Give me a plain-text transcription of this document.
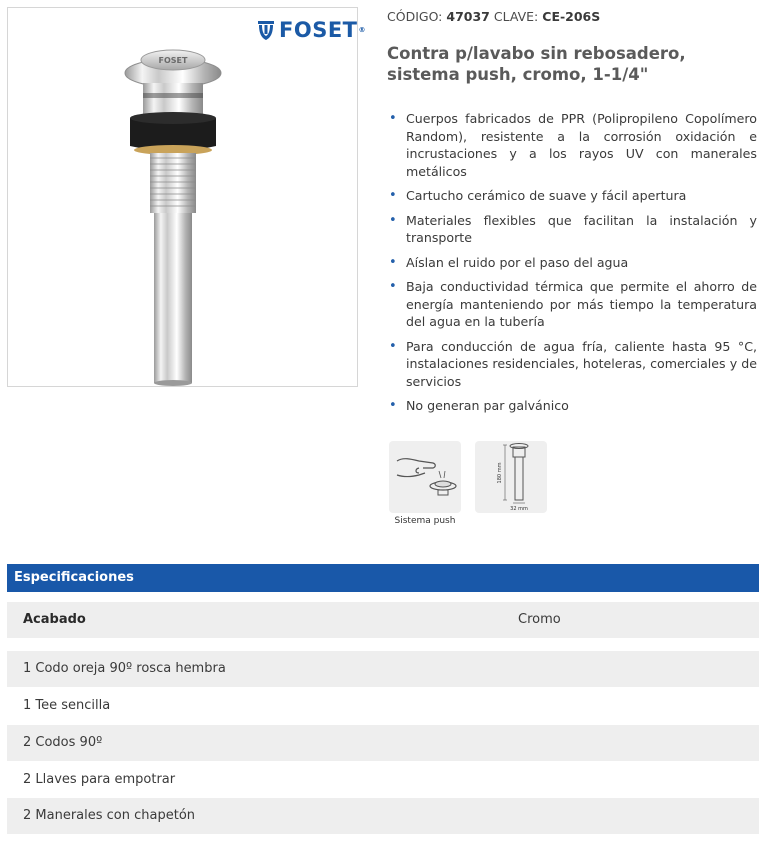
FOSET ®
FOSET
CÓDIGO: 47037 CLAVE: CE-206S
Contra p/lavabo sin rebosadero, sistema push, cromo, 1-1/4"
• Cuerpos fabricados de PPR (Polipropileno Copolímero Random), resistente a la corrosión oxidación e incrustaciones y a los rayos UV con manerales metálicos
• Cartucho cerámico de suave y fácil apertura
• Materiales flexibles que facilitan la instalación y transporte
• Aíslan el ruido por el paso del agua
• Baja conductividad térmica que permite el ahorro de energía manteniendo por más tiempo la temperatura del agua en la tubería
• Para conducción de agua fría, caliente hasta 95 °C, instalaciones residenciales, hoteleras, comerciales y de servicios
• No generan par galvánico
Sistema push
180 mm
32 mm
Especificaciones
Acabado	Cromo
1 Codo oreja 90º rosca hembra
1 Tee sencilla
2 Codos 90º
2 Llaves para empotrar
2 Manerales con chapetón
